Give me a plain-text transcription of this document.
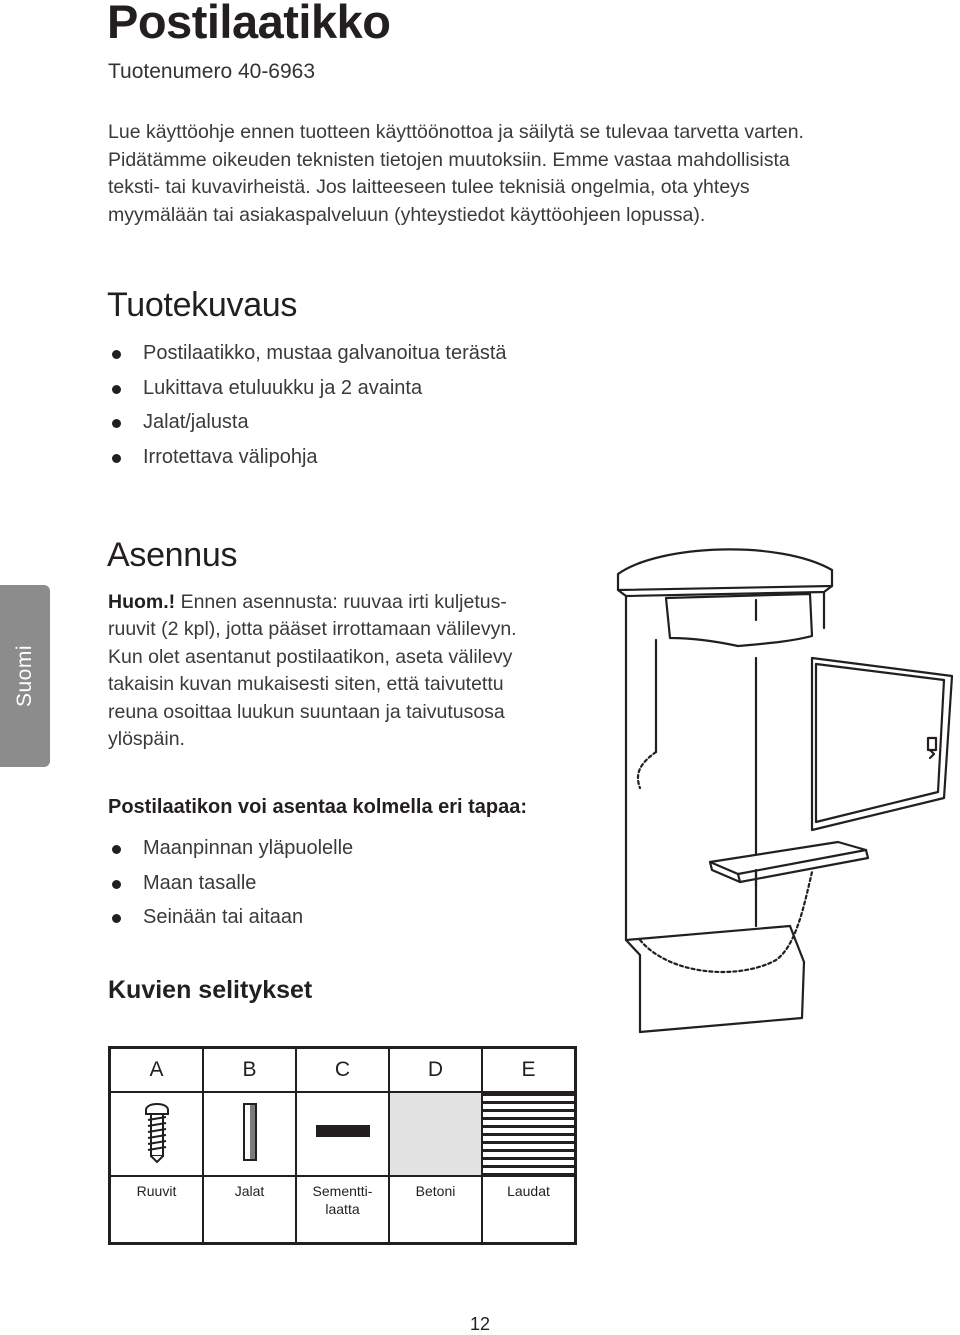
Postilaatikko
Tuotenumero 40-6963

Lue käyttöohje ennen tuotteen käyttöönottoa ja säilytä se tulevaa tarvetta varten.

Pidätämme oikeuden teknisten tietojen muutoksiin. Emme vastaa mahdollisista

teksti- tai kuvavirheistä. Jos laitteeseen tulee teknisiä ongelmia, ota yhteys

myymälään tai asiakaspalveluun (yhteystiedot käyttöohjeen lopussa).

Tuotekuvaus
Postilaatikko, mustaa galvanoitua terästä
Lukittava etuluukku ja 2 avainta
Jalat/jalusta
Irrotettava välipohja
Suomi
Asennus
Huom.! Ennen asennusta: ruuvaa irti kuljetus-
ruuvit (2 kpl), jotta pääset irrottamaan välilevyn.
Kun olet asentanut postilaatikon, aseta välilevy
takaisin kuvan mukaisesti siten, että taivutettu
reuna osoittaa luukun suuntaan ja taivutusosa
ylöspäin.
Postilaatikon voi asentaa kolmella eri tapaa:
Maanpinnan yläpuolelle
Maan tasalle
Seinään tai aitaan
Kuvien selitykset
A	B	C	D	E

Ruuvit	Jalat	Sementti-
laatta	Betoni	Laudat
12
